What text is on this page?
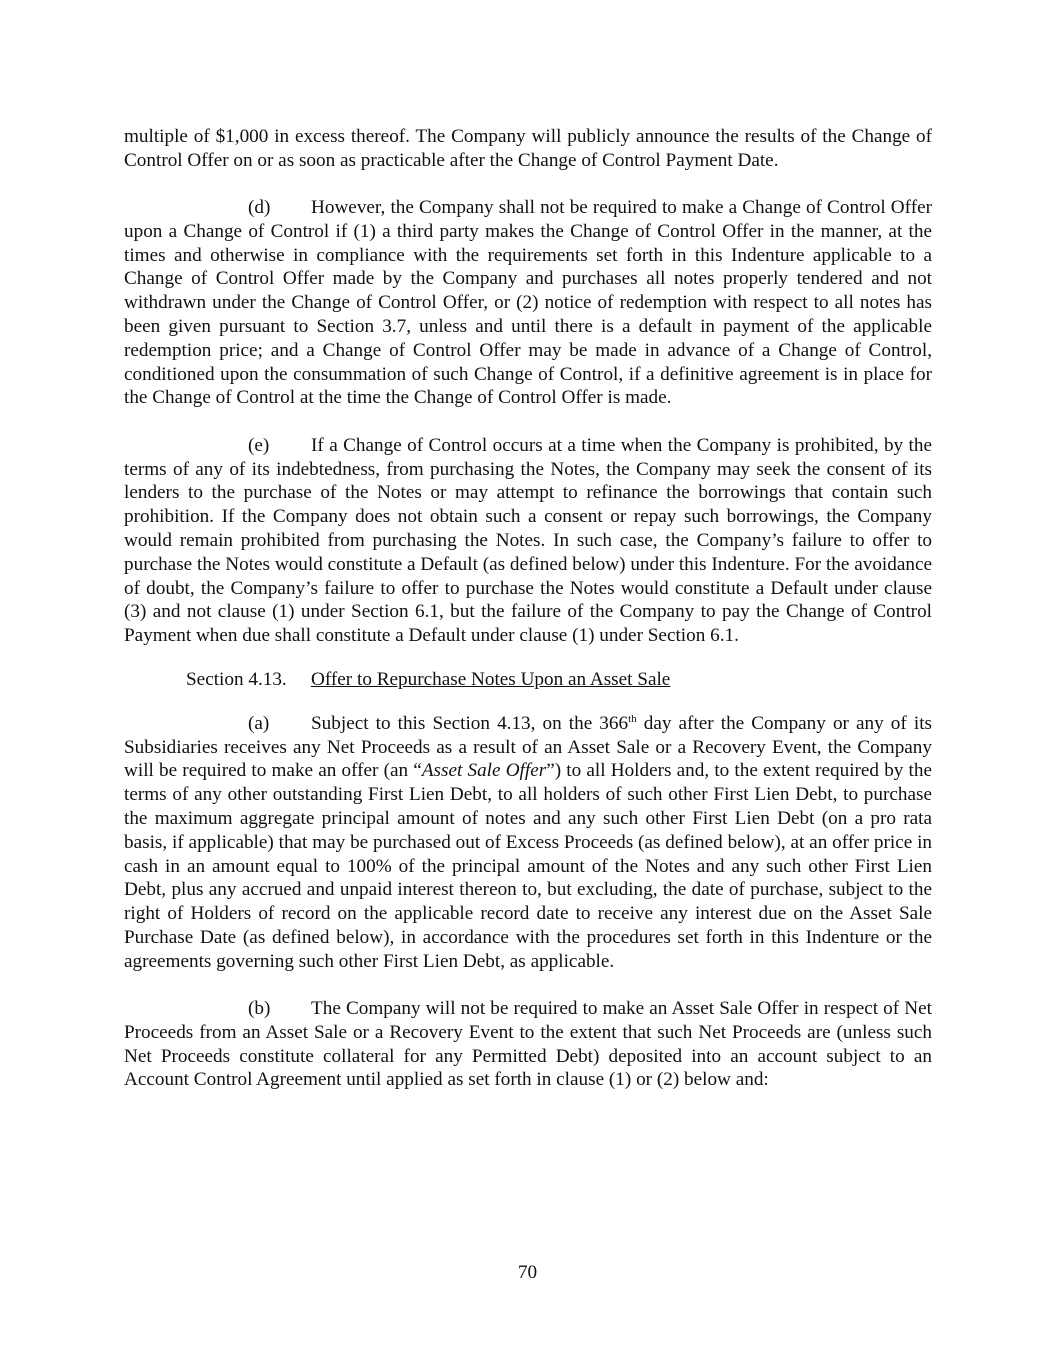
multiple of $1,000 in excess thereof. The Company will publicly announce the results of the Change of Control Offer on or as soon as practicable after the Change of Control Payment Date.

(d) However, the Company shall not be required to make a Change of Control Offer upon a Change of Control if (1) a third party makes the Change of Control Offer in the manner, at the times and otherwise in compliance with the requirements set forth in this Indenture applicable to a Change of Control Offer made by the Company and purchases all notes properly tendered and not withdrawn under the Change of Control Offer, or (2) notice of redemption with respect to all notes has been given pursuant to Section 3.7, unless and until there is a default in payment of the applicable redemption price; and a Change of Control Offer may be made in advance of a Change of Control, conditioned upon the consummation of such Change of Control, if a definitive agreement is in place for the Change of Control at the time the Change of Control Offer is made.

(e) If a Change of Control occurs at a time when the Company is prohibited, by the terms of any of its indebtedness, from purchasing the Notes, the Company may seek the consent of its lenders to the purchase of the Notes or may attempt to refinance the borrowings that contain such prohibition. If the Company does not obtain such a consent or repay such borrowings, the Company would remain prohibited from purchasing the Notes. In such case, the Company’s failure to offer to purchase the Notes would constitute a Default (as defined below) under this Indenture. For the avoidance of doubt, the Company’s failure to offer to purchase the Notes would constitute a Default under clause (3) and not clause (1) under Section 6.1, but the failure of the Company to pay the Change of Control Payment when due shall constitute a Default under clause (1) under Section 6.1.

Section 4.13. Offer to Repurchase Notes Upon an Asset Sale

(a) Subject to this Section 4.13, on the 366th day after the Company or any of its Subsidiaries receives any Net Proceeds as a result of an Asset Sale or a Recovery Event, the Company will be required to make an offer (an “Asset Sale Offer”) to all Holders and, to the extent required by the terms of any other outstanding First Lien Debt, to all holders of such other First Lien Debt, to purchase the maximum aggregate principal amount of notes and any such other First Lien Debt (on a pro rata basis, if applicable) that may be purchased out of Excess Proceeds (as defined below), at an offer price in cash in an amount equal to 100% of the principal amount of the Notes and any such other First Lien Debt, plus any accrued and unpaid interest thereon to, but excluding, the date of purchase, subject to the right of Holders of record on the applicable record date to receive any interest due on the Asset Sale Purchase Date (as defined below), in accordance with the procedures set forth in this Indenture or the agreements governing such other First Lien Debt, as applicable.

(b) The Company will not be required to make an Asset Sale Offer in respect of Net Proceeds from an Asset Sale or a Recovery Event to the extent that such Net Proceeds are (unless such Net Proceeds constitute collateral for any Permitted Debt) deposited into an account subject to an Account Control Agreement until applied as set forth in clause (1) or (2) below and:

70
